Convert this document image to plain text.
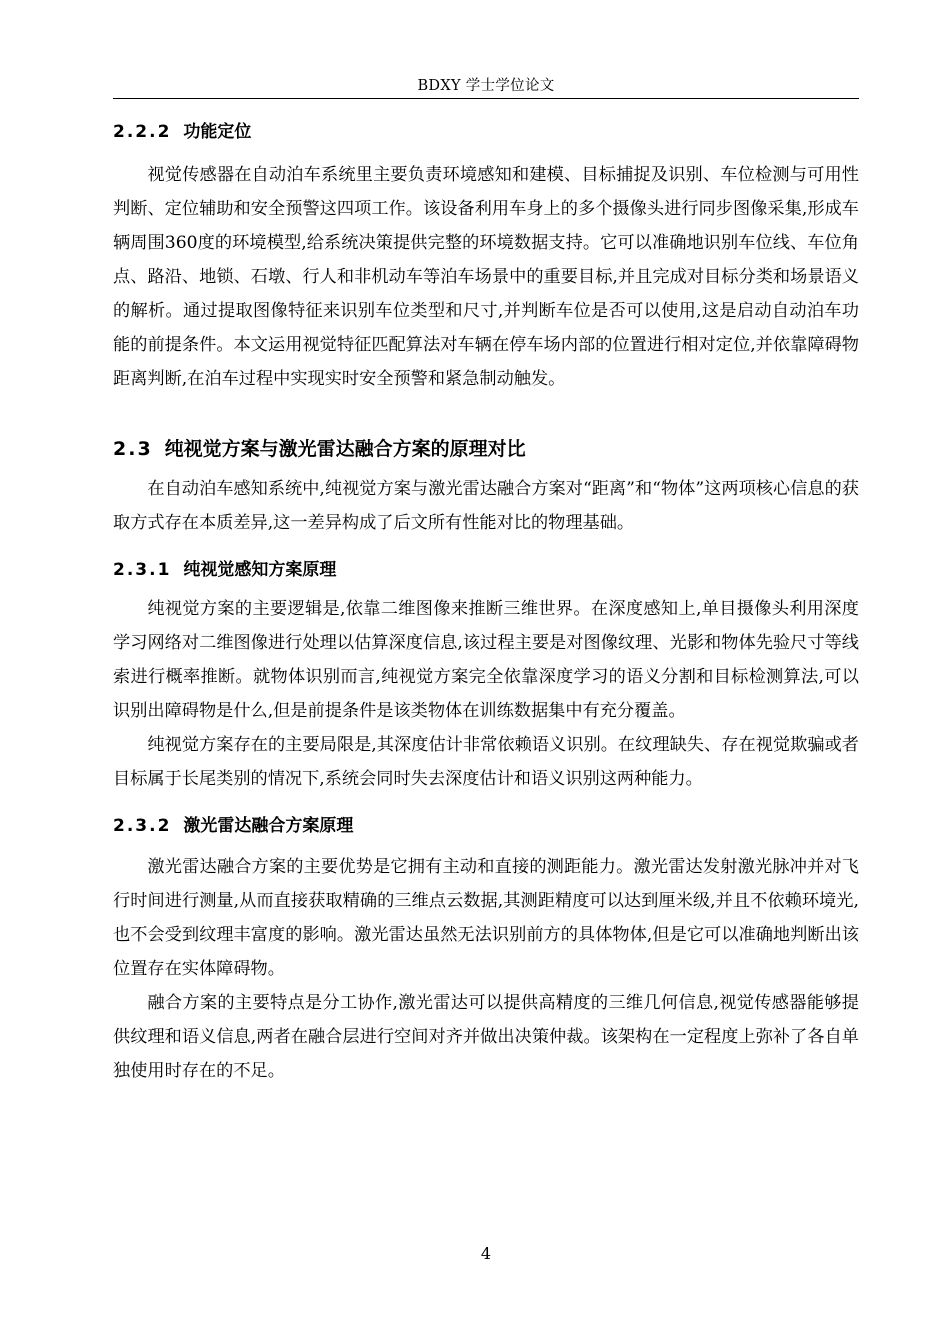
BDXY 学士学位论文
2.2.2 功能定位

视觉传感器在自动泊车系统里主要负责环境感知和建模、目标捕捉及识别、车位检测与可用性判断、定位辅助和安全预警这四项工作。该设备利用车身上的多个摄像头进行同步图像采集,形成车辆周围360度的环境模型,给系统决策提供完整的环境数据支持。它可以准确地识别车位线、车位角点、路沿、地锁、石墩、行人和非机动车等泊车场景中的重要目标,并且完成对目标分类和场景语义的解析。通过提取图像特征来识别车位类型和尺寸,并判断车位是否可以使用,这是启动自动泊车功能的前提条件。本文运用视觉特征匹配算法对车辆在停车场内部的位置进行相对定位,并依靠障碍物距离判断,在泊车过程中实现实时安全预警和紧急制动触发。

2.3 纯视觉方案与激光雷达融合方案的原理对比

在自动泊车感知系统中,纯视觉方案与激光雷达融合方案对“距离”和“物体”这两项核心信息的获取方式存在本质差异,这一差异构成了后文所有性能对比的物理基础。

2.3.1 纯视觉感知方案原理

纯视觉方案的主要逻辑是,依靠二维图像来推断三维世界。在深度感知上,单目摄像头利用深度学习网络对二维图像进行处理以估算深度信息,该过程主要是对图像纹理、光影和物体先验尺寸等线索进行概率推断。就物体识别而言,纯视觉方案完全依靠深度学习的语义分割和目标检测算法,可以识别出障碍物是什么,但是前提条件是该类物体在训练数据集中有充分覆盖。

纯视觉方案存在的主要局限是,其深度估计非常依赖语义识别。在纹理缺失、存在视觉欺骗或者目标属于长尾类别的情况下,系统会同时失去深度估计和语义识别这两种能力。

2.3.2 激光雷达融合方案原理

激光雷达融合方案的主要优势是它拥有主动和直接的测距能力。激光雷达发射激光脉冲并对飞行时间进行测量,从而直接获取精确的三维点云数据,其测距精度可以达到厘米级,并且不依赖环境光,也不会受到纹理丰富度的影响。激光雷达虽然无法识别前方的具体物体,但是它可以准确地判断出该位置存在实体障碍物。

融合方案的主要特点是分工协作,激光雷达可以提供高精度的三维几何信息,视觉传感器能够提供纹理和语义信息,两者在融合层进行空间对齐并做出决策仲裁。该架构在一定程度上弥补了各自单独使用时存在的不足。

4
